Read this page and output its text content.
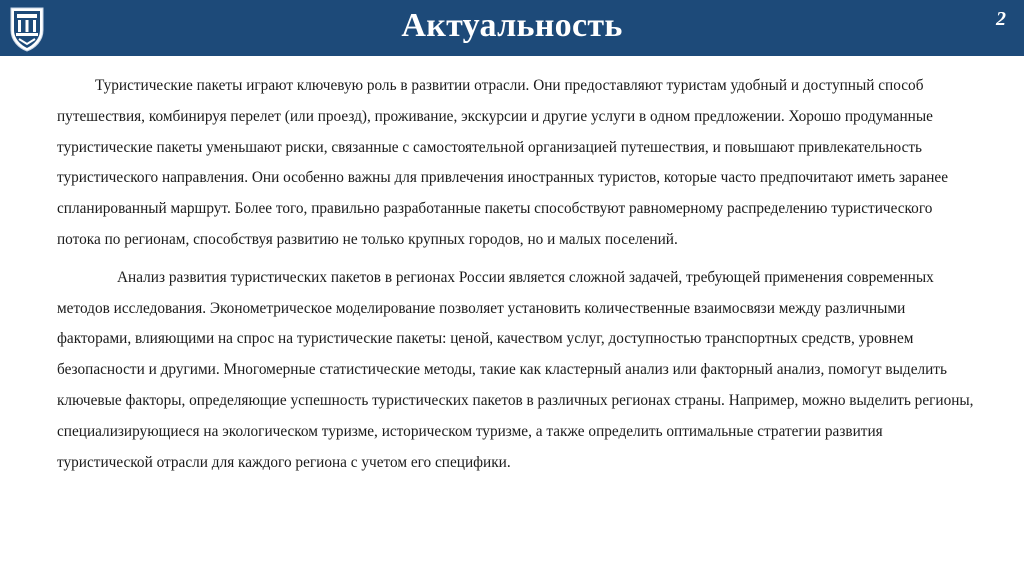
Актуальность	2

Туристические пакеты играют ключевую роль в развитии отрасли. Они предоставляют туристам удобный и доступный способ путешествия, комбинируя перелет (или проезд), проживание, экскурсии и другие услуги в одном предложении. Хорошо продуманные туристические пакеты уменьшают риски, связанные с самостоятельной организацией путешествия, и повышают привлекательность туристического направления. Они особенно важны для привлечения иностранных туристов, которые часто предпочитают иметь заранее спланированный маршрут. Более того, правильно разработанные пакеты способствуют равномерному распределению туристического потока по регионам, способствуя развитию не только крупных городов, но и малых поселений.

Анализ развития туристических пакетов в регионах России является сложной задачей, требующей применения современных методов исследования. Эконометрическое моделирование позволяет установить количественные взаимосвязи между различными факторами, влияющими на спрос на туристические пакеты: ценой, качеством услуг, доступностью транспортных средств, уровнем безопасности и другими. Многомерные статистические методы, такие как кластерный анализ или факторный анализ, помогут выделить ключевые факторы, определяющие успешность туристических пакетов в различных регионах страны. Например, можно выделить регионы, специализирующиеся на экологическом туризме, историческом туризме, а также определить оптимальные стратегии развития туристической отрасли для каждого региона с учетом его специфики.
